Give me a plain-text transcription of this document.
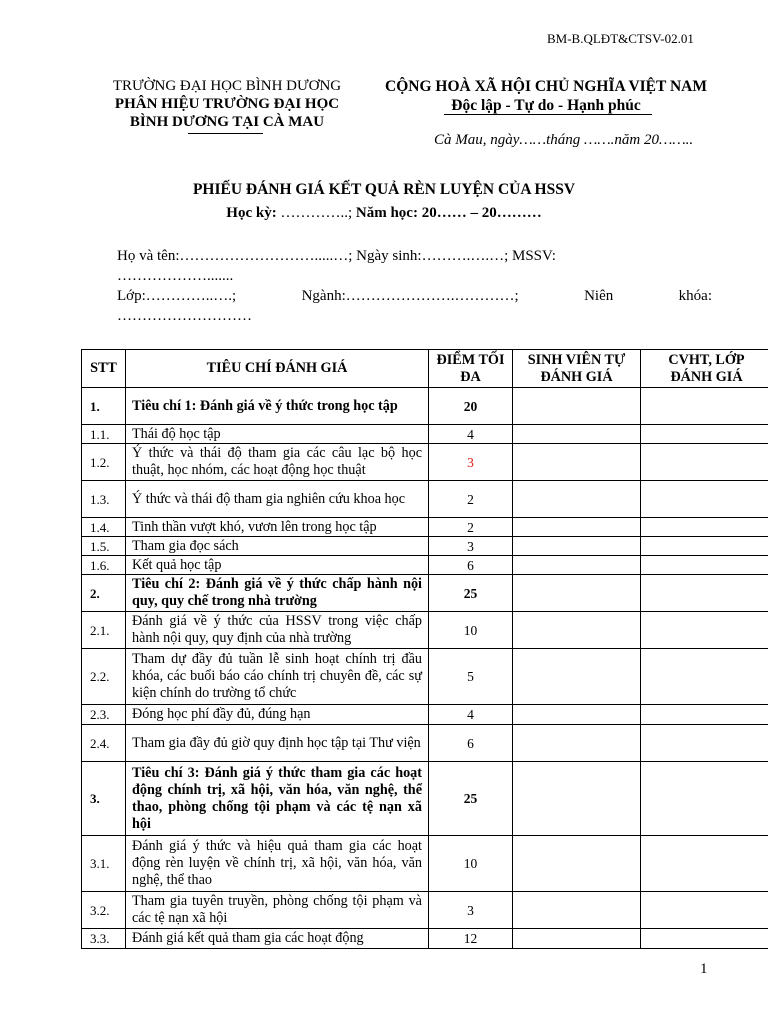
BM-B.QLĐT&CTSV-02.01
TRƯỜNG ĐẠI HỌC BÌNH DƯƠNG
PHÂN HIỆU TRƯỜNG ĐẠI HỌC
BÌNH DƯƠNG TẠI CÀ MAU
CỘNG HOÀ XÃ HỘI CHỦ NGHĨA VIỆT NAM
Độc lập - Tự do - Hạnh phúc
Cà Mau, ngày……tháng …….năm 20……..
PHIẾU ĐÁNH GIÁ KẾT QUẢ RÈN LUYỆN CỦA HSSV
Học kỳ: …………..; Năm học: 20…… – 20………
Họ và tên:……………………….....…; Ngày sinh:……….….…; MSSV:
……………….......
Lớp:…………..….;	Ngành:………………….…………;	Niên	khóa:
………………………
STT	TIÊU CHÍ ĐÁNH GIÁ	ĐIỂM TỐI ĐA	SINH VIÊN TỰ ĐÁNH GIÁ	CVHT, LỚP ĐÁNH GIÁ
1.	Tiêu chí 1: Đánh giá về ý thức trong học tập	20		
1.1.	Thái độ học tập	4		
1.2.	Ý thức và thái độ tham gia các câu lạc bộ học thuật, học nhóm, các hoạt động học thuật	3		
1.3.	Ý thức và thái độ tham gia nghiên cứu khoa học	2		
1.4.	Tinh thần vượt khó, vươn lên trong học tập	2		
1.5.	Tham gia đọc sách	3		
1.6.	Kết quả học tập	6		
2.	Tiêu chí 2: Đánh giá về ý thức chấp hành nội quy, quy chế trong nhà trường	25		
2.1.	Đánh giá về ý thức của HSSV trong việc chấp hành nội quy, quy định của nhà trường	10		
2.2.	Tham dự đầy đủ tuần lễ sinh hoạt chính trị đầu khóa, các buổi báo cáo chính trị chuyên đề, các sự kiện chính do trường tổ chức	5		
2.3.	Đóng học phí đầy đủ, đúng hạn	4		
2.4.	Tham gia đầy đủ giờ quy định học tập tại Thư viện	6		
3.	Tiêu chí 3: Đánh giá ý thức tham gia các hoạt động chính trị, xã hội, văn hóa, văn nghệ, thể thao, phòng chống tội phạm và các tệ nạn xã hội	25		
3.1.	Đánh giá ý thức và hiệu quả tham gia các hoạt động rèn luyện về chính trị, xã hội, văn hóa, văn nghệ, thể thao	10		
3.2.	Tham gia tuyên truyền, phòng chống tội phạm và các tệ nạn xã hội	3		
3.3.	Đánh giá kết quả tham gia các hoạt động	12		
1
